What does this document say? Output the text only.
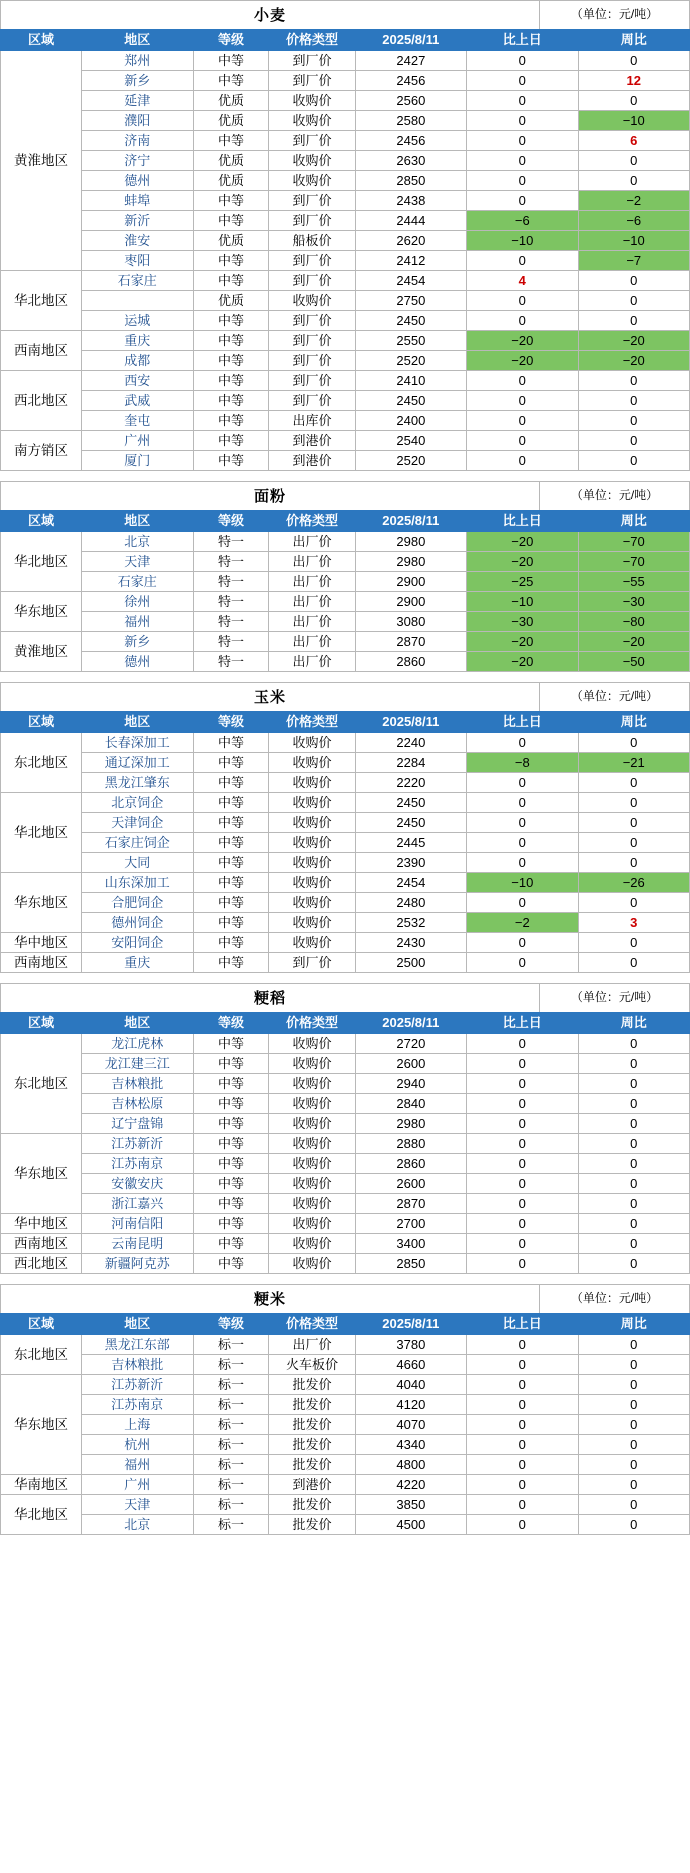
小麦	（单位：元/吨）
区域	地区	等级	价格类型	2025/8/11	比上日	周比
黄淮地区	郑州	中等	到厂价	2427	0	0
	新乡	中等	到厂价	2456	0	12
	延津	优质	收购价	2560	0	0
	濮阳	优质	收购价	2580	0	−10
	济南	中等	到厂价	2456	0	6
	济宁	优质	收购价	2630	0	0
	德州	优质	收购价	2850	0	0
	蚌埠	中等	到厂价	2438	0	−2
	新沂	中等	到厂价	2444	−6	−6
	淮安	优质	船板价	2620	−10	−10
	枣阳	中等	到厂价	2412	0	−7
华北地区	石家庄	中等	到厂价	2454	4	0
		优质	收购价	2750	0	0
	运城	中等	到厂价	2450	0	0
西南地区	重庆	中等	到厂价	2550	−20	−20
	成都	中等	到厂价	2520	−20	−20
西北地区	西安	中等	到厂价	2410	0	0
	武威	中等	到厂价	2450	0	0
	奎屯	中等	出库价	2400	0	0
南方销区	广州	中等	到港价	2540	0	0
	厦门	中等	到港价	2520	0	0
面粉	（单位：元/吨）
区域	地区	等级	价格类型	2025/8/11	比上日	周比
华北地区	北京	特一	出厂价	2980	−20	−70
	天津	特一	出厂价	2980	−20	−70
	石家庄	特一	出厂价	2900	−25	−55
华东地区	徐州	特一	出厂价	2900	−10	−30
	福州	特一	出厂价	3080	−30	−80
黄淮地区	新乡	特一	出厂价	2870	−20	−20
	德州	特一	出厂价	2860	−20	−50
玉米	（单位：元/吨）
区域	地区	等级	价格类型	2025/8/11	比上日	周比
东北地区	长春深加工	中等	收购价	2240	0	0
	通辽深加工	中等	收购价	2284	−8	−21
	黑龙江肇东	中等	收购价	2220	0	0
华北地区	北京饲企	中等	收购价	2450	0	0
	天津饲企	中等	收购价	2450	0	0
	石家庄饲企	中等	收购价	2445	0	0
	大同	中等	收购价	2390	0	0
华东地区	山东深加工	中等	收购价	2454	−10	−26
	合肥饲企	中等	收购价	2480	0	0
	德州饲企	中等	收购价	2532	−2	3
华中地区	安阳饲企	中等	收购价	2430	0	0
西南地区	重庆	中等	到厂价	2500	0	0
粳稻	（单位：元/吨）
区域	地区	等级	价格类型	2025/8/11	比上日	周比
东北地区	龙江虎林	中等	收购价	2720	0	0
	龙江建三江	中等	收购价	2600	0	0
	吉林粮批	中等	收购价	2940	0	0
	吉林松原	中等	收购价	2840	0	0
	辽宁盘锦	中等	收购价	2980	0	0
华东地区	江苏新沂	中等	收购价	2880	0	0
	江苏南京	中等	收购价	2860	0	0
	安徽安庆	中等	收购价	2600	0	0
	浙江嘉兴	中等	收购价	2870	0	0
华中地区	河南信阳	中等	收购价	2700	0	0
西南地区	云南昆明	中等	收购价	3400	0	0
西北地区	新疆阿克苏	中等	收购价	2850	0	0
粳米	（单位：元/吨）
区域	地区	等级	价格类型	2025/8/11	比上日	周比
东北地区	黑龙江东部	标一	出厂价	3780	0	0
	吉林粮批	标一	火车板价	4660	0	0
华东地区	江苏新沂	标一	批发价	4040	0	0
	江苏南京	标一	批发价	4120	0	0
	上海	标一	批发价	4070	0	0
	杭州	标一	批发价	4340	0	0
	福州	标一	批发价	4800	0	0
华南地区	广州	标一	到港价	4220	0	0
华北地区	天津	标一	批发价	3850	0	0
	北京	标一	批发价	4500	0	0
